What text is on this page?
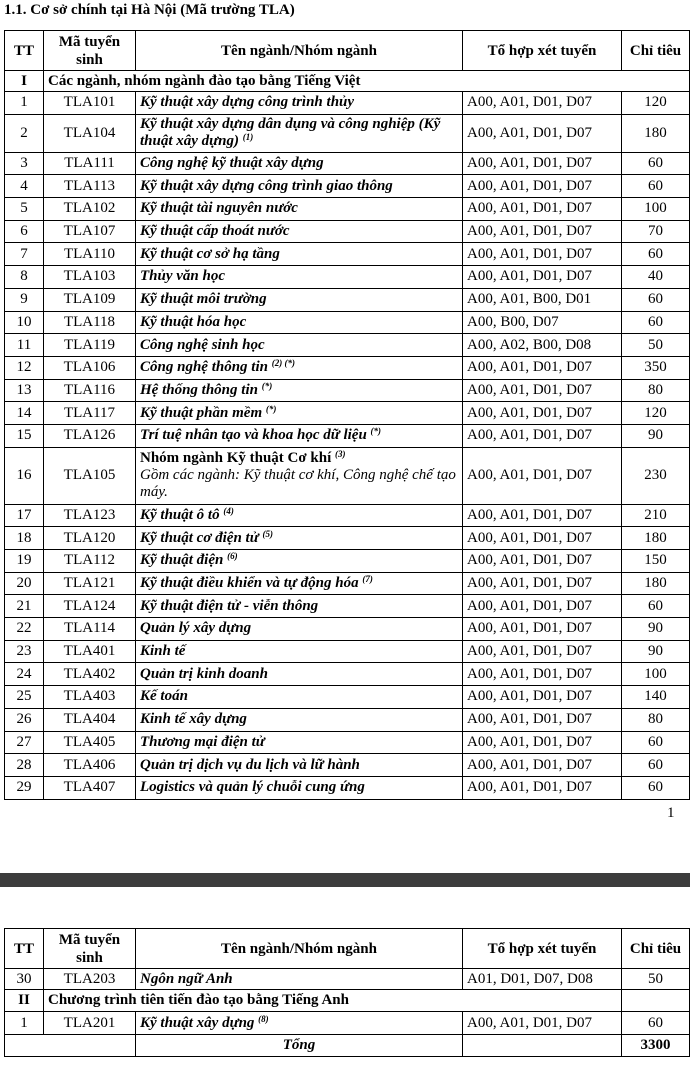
1.1. Cơ sở chính tại Hà Nội (Mã trường TLA)
TT	Mã tuyển sinh	Tên ngành/Nhóm ngành	Tổ hợp xét tuyển	Chỉ tiêu
I	Các ngành, nhóm ngành đào tạo bằng Tiếng Việt			
1	TLA101	Kỹ thuật xây dựng công trình thủy	A00, A01, D01, D07	120
2	TLA104	Kỹ thuật xây dựng dân dụng và công nghiệp (Kỹ thuật xây dựng) $^{(1)}$	A00, A01, D01, D07	180
3	TLA111	Công nghệ kỹ thuật xây dựng	A00, A01, D01, D07	60
4	TLA113	Kỹ thuật xây dựng công trình giao thông	A00, A01, D01, D07	60
5	TLA102	Kỹ thuật tài nguyên nước	A00, A01, D01, D07	100
6	TLA107	Kỹ thuật cấp thoát nước	A00, A01, D01, D07	70
7	TLA110	Kỹ thuật cơ sở hạ tầng	A00, A01, D01, D07	60
8	TLA103	Thủy văn học	A00, A01, D01, D07	40
9	TLA109	Kỹ thuật môi trường	A00, A01, B00, D01	60
10	TLA118	Kỹ thuật hóa học	A00, B00, D07	60
11	TLA119	Công nghệ sinh học	A00, A02, B00, D08	50
12	TLA106	Công nghệ thông tin $^{(2) (*)}$	A00, A01, D01, D07	350
13	TLA116	Hệ thống thông tin (*)	A00, A01, D01, D07	80
14	TLA117	Kỹ thuật phần mềm (*)	A00, A01, D01, D07	120
15	TLA126	Trí tuệ nhân tạo và khoa học dữ liệu (*)	A00, A01, D01, D07	90
16	TLA105	Nhóm ngành Kỹ thuật Cơ khí $^{(3)}$
Gồm các ngành: Kỹ thuật cơ khí, Công nghệ chế tạo máy.	A00, A01, D01, D07	230
17	TLA123	Kỹ thuật ô tô $^{(4)}$	A00, A01, D01, D07	210
18	TLA120	Kỹ thuật cơ điện tử $^{(5)}$	A00, A01, D01, D07	180
19	TLA112	Kỹ thuật điện $^{(6)}$	A00, A01, D01, D07	150
20	TLA121	Kỹ thuật điều khiển và tự động hóa $^{(7)}$	A00, A01, D01, D07	180
21	TLA124	Kỹ thuật điện tử - viễn thông	A00, A01, D01, D07	60
22	TLA114	Quản lý xây dựng	A00, A01, D01, D07	90
23	TLA401	Kinh tế	A00, A01, D01, D07	90
24	TLA402	Quản trị kinh doanh	A00, A01, D01, D07	100
25	TLA403	Kế toán	A00, A01, D01, D07	140
26	TLA404	Kinh tế xây dựng	A00, A01, D01, D07	80
27	TLA405	Thương mại điện tử	A00, A01, D01, D07	60
28	TLA406	Quản trị dịch vụ du lịch và lữ hành	A00, A01, D01, D07	60
29	TLA407	Logistics và quản lý chuỗi cung ứng	A00, A01, D01, D07	60
1
TT	Mã tuyển sinh	Tên ngành/Nhóm ngành	Tổ hợp xét tuyển	Chỉ tiêu
30	TLA203	Ngôn ngữ Anh	A01, D01, D07, D08	50
II	Chương trình tiên tiến đào tạo bằng Tiếng Anh			
1	TLA201	Kỹ thuật xây dựng $^{(8)}$	A00, A01, D01, D07	60
		Tổng		3300
